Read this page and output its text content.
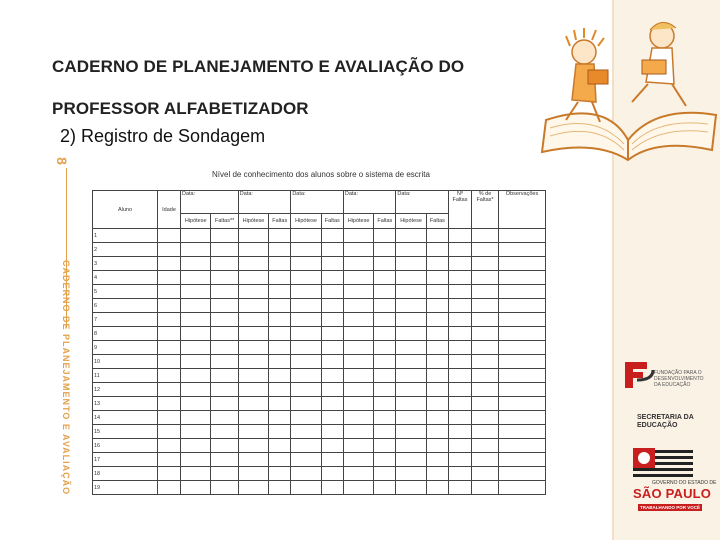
CADERNO DE PLANEJAMENTO E AVALIAÇÃO DO
PROFESSOR ALFABETIZADOR
2) Registro de Sondagem
8
CADERNO DE PLANEJAMENTO E AVALIAÇÃO
Nível de conhecimento dos alunos sobre o sistema de escrita
Aluno	Idade	Data:		Data:		Data:		Data:		Data:		Nº Faltas	% de Faltas*	Observações
		Hipótese	Faltas**	Hipótese	Faltas	Hipótese	Faltas	Hipótese	Faltas	Hipótese	Faltas			
1														
2														
3														
4														
5														
6														
7														
8														
9														
10														
11														
12														
13														
14														
15														
16														
17														
18														
19														
FUNDAÇÃO PARA O DESENVOLVIMENTO DA EDUCAÇÃO
SECRETARIA DA EDUCAÇÃO
GOVERNO DO ESTADO DE
SÃO PAULO
TRABALHANDO POR VOCÊ
